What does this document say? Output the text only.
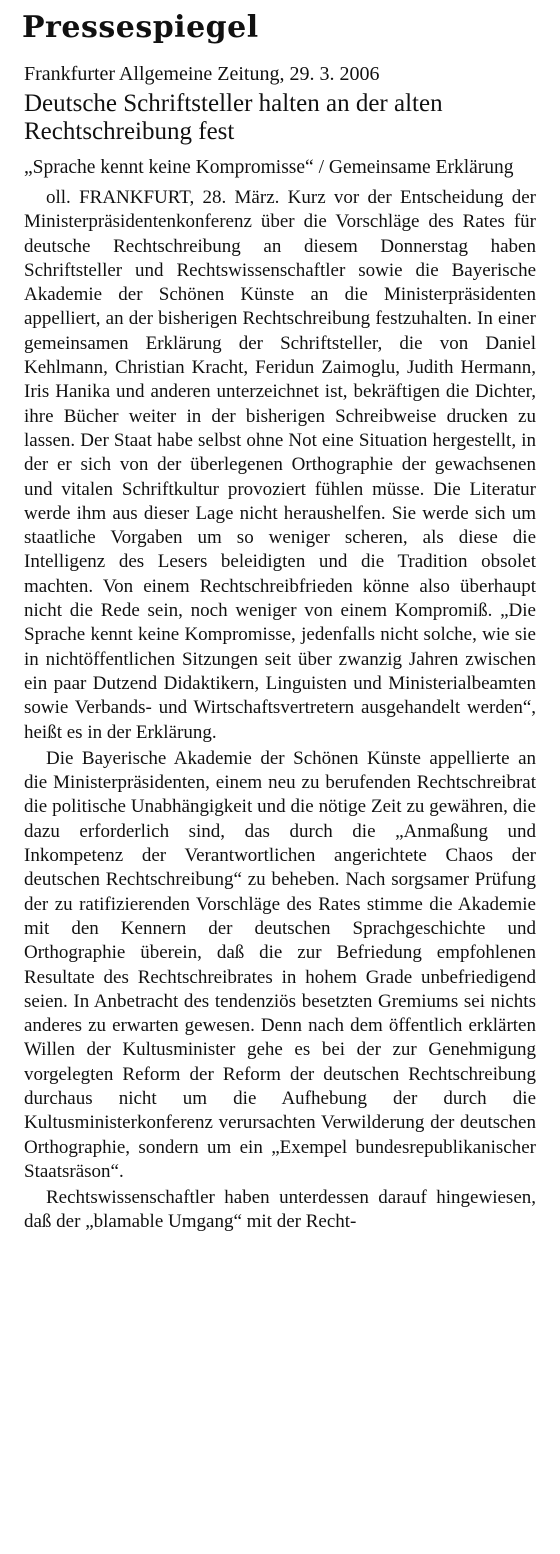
Pressespiegel
Frankfurter Allgemeine Zeitung, 29. 3. 2006
Deutsche Schriftsteller halten an der alten Rechtschreibung fest
„Sprache kennt keine Kompromisse“ / Gemeinsame Erklärung

oll. FRANKFURT, 28. März. Kurz vor der Entscheidung der Ministerpräsidentenkonferenz über die Vorschläge des Rates für deutsche Rechtschreibung an diesem Donnerstag haben Schriftsteller und Rechtswissenschaftler sowie die Bayerische Akademie der Schönen Künste an die Ministerpräsidenten appelliert, an der bisherigen Rechtschreibung festzuhalten. In einer gemeinsamen Erklärung der Schriftsteller, die von Daniel Kehlmann, Christian Kracht, Feridun Zaimoglu, Judith Hermann, Iris Hanika und anderen unterzeichnet ist, bekräftigen die Dichter, ihre Bücher weiter in der bisherigen Schreibweise drucken zu lassen. Der Staat habe selbst ohne Not eine Situation hergestellt, in der er sich von der überlegenen Orthographie der gewachsenen und vitalen Schriftkultur provoziert fühlen müsse. Die Literatur werde ihm aus dieser Lage nicht heraushelfen. Sie werde sich um staatliche Vorgaben um so weniger scheren, als diese die Intelligenz des Lesers beleidigten und die Tradition obsolet machten. Von einem Rechtschreibfrieden könne also überhaupt nicht die Rede sein, noch weniger von einem Kompromiß. „Die Sprache kennt keine Kompromisse, jedenfalls nicht solche, wie sie in nichtöffentlichen Sitzungen seit über zwanzig Jahren zwischen ein paar Dutzend Didaktikern, Linguisten und Ministerialbeamten sowie Verbands- und Wirtschaftsvertretern ausgehandelt werden“, heißt es in der Erklärung.

Die Bayerische Akademie der Schönen Künste appellierte an die Ministerpräsidenten, einem neu zu berufenden Rechtschreibrat die politische Unabhängigkeit und die nötige Zeit zu gewähren, die dazu erforderlich sind, das durch die „Anmaßung und Inkompetenz der Verantwortlichen angerichtete Chaos der deutschen Rechtschreibung“ zu beheben. Nach sorgsamer Prüfung der zu ratifizierenden Vorschläge des Rates stimme die Akademie mit den Kennern der deutschen Sprachgeschichte und Orthographie überein, daß die zur Befriedung empfohlenen Resultate des Rechtschreibrates in hohem Grade unbefriedigend seien. In Anbetracht des tendenziös besetzten Gremiums sei nichts anderes zu erwarten gewesen. Denn nach dem öffentlich erklärten Willen der Kultusminister gehe es bei der zur Genehmigung vorgelegten Reform der Reform der deutschen Rechtschreibung durchaus nicht um die Aufhebung der durch die Kultusministerkonferenz verursachten Verwilderung der deutschen Orthographie, sondern um ein „Exempel bundesrepublikanischer Staatsräson“.

Rechtswissenschaftler haben unterdessen darauf hingewiesen, daß der „blamable Umgang“ mit der Recht-
